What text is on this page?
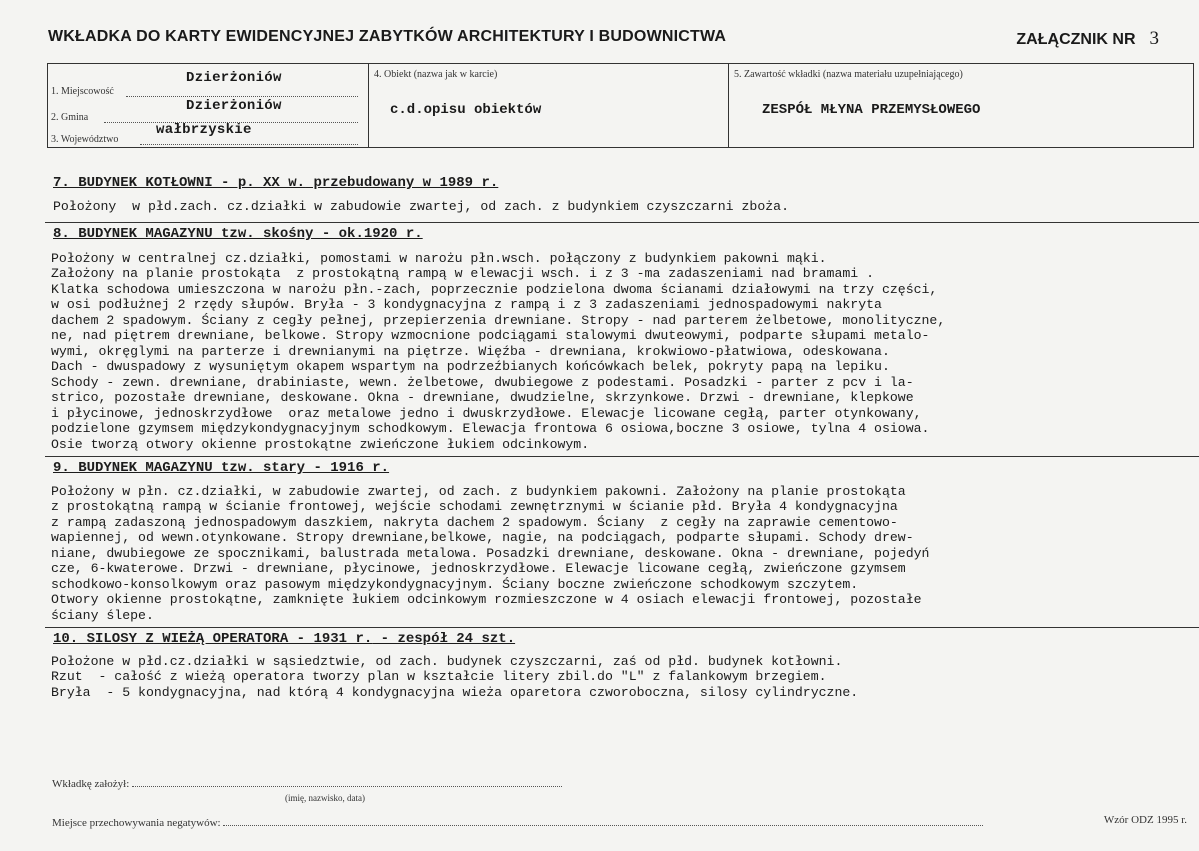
WKŁADKA DO KARTY EWIDENCYJNEJ ZABYTKÓW ARCHITEKTURY I BUDOWNICTWA	ZAŁĄCZNIK NR 3
Dzierżoniów
1. Miejscowość
Dzierżoniów
2. Gmina
wałbrzyskie
3. Województwo
4. Obiekt (nazwa jak w karcie)
c.d.opisu obiektów
5. Zawartość wkładki (nazwa materiału uzupełniającego)
ZESPÓŁ MŁYNA PRZEMYSŁOWEGO
7. BUDYNEK KOTŁOWNI - p. XX w. przebudowany w 1989 r.
Położony  w płd.zach. cz.działki w zabudowie zwartej, od zach. z budynkiem czyszczarni zboża.
8. BUDYNEK MAGAZYNU tzw. skośny - ok.1920 r.
Położony w centralnej cz.działki, pomostami w narożu płn.wsch. połączony z budynkiem pakowni mąki.
Założony na planie prostokąta  z prostokątną rampą w elewacji wsch. i z 3 -ma zadaszeniami nad bramami .
Klatka schodowa umieszczona w narożu płn.-zach, poprzecznie podzielona dwoma ścianami działowymi na trzy części,
w osi podłużnej 2 rzędy słupów. Bryła - 3 kondygnacyjna z rampą i z 3 zadaszeniami jednospadowymi nakryta
dachem 2 spadowym. Ściany z cegły pełnej, przepierzenia drewniane. Stropy - nad parterem żelbetowe, monolityczne,
ne, nad piętrem drewniane, belkowe. Stropy wzmocnione podciągami stalowymi dwuteowymi, podparte słupami metalo-
wymi, okręglymi na parterze i drewnianymi na piętrze. Więźba - drewniana, krokwiowo-płatwiowa, odeskowana.
Dach - dwuspadowy z wysuniętym okapem wspartym na podrzeźbianych końcówkach belek, pokryty papą na lepiku.
Schody - zewn. drewniane, drabiniaste, wewn. żelbetowe, dwubiegowe z podestami. Posadzki - parter z pcv i la-
strico, pozostałe drewniane, deskowane. Okna - drewniane, dwudzielne, skrzynkowe. Drzwi - drewniane, klepkowe
i płycinowe, jednoskrzydłowe  oraz metalowe jedno i dwuskrzydłowe. Elewacje licowane cegłą, parter otynkowany,
podzielone gzymsem międzykondygnacyjnym schodkowym. Elewacja frontowa 6 osiowa,boczne 3 osiowe, tylna 4 osiowa.
Osie tworzą otwory okienne prostokątne zwieńczone łukiem odcinkowym.
9. BUDYNEK MAGAZYNU tzw. stary - 1916 r.
Położony w płn. cz.działki, w zabudowie zwartej, od zach. z budynkiem pakowni. Założony na planie prostokąta
z prostokątną rampą w ścianie frontowej, wejście schodami zewnętrznymi w ścianie płd. Bryła 4 kondygnacyjna
z rampą zadaszoną jednospadowym daszkiem, nakryta dachem 2 spadowym. Ściany  z cegły na zaprawie cementowo-
wapiennej, od wewn.otynkowane. Stropy drewniane,belkowe, nagie, na podciągach, podparte słupami. Schody drew-
niane, dwubiegowe ze spocznikami, balustrada metalowa. Posadzki drewniane, deskowane. Okna - drewniane, pojedyń
cze, 6-kwaterowe. Drzwi - drewniane, płycinowe, jednoskrzydłowe. Elewacje licowane cegłą, zwieńczone gzymsem
schodkowo-konsolkowym oraz pasowym międzykondygnacyjnym. Ściany boczne zwieńczone schodkowym szczytem.
Otwory okienne prostokątne, zamknięte łukiem odcinkowym rozmieszczone w 4 osiach elewacji frontowej, pozostałe
ściany ślepe.
10. SILOSY Z WIEŻĄ OPERATORA - 1931 r. - zespół 24 szt.
Położone w płd.cz.działki w sąsiedztwie, od zach. budynek czyszczarni, zaś od płd. budynek kotłowni.
Rzut  - całość z wieżą operatora tworzy plan w kształcie litery zbil.do "L" z falankowym brzegiem.
Bryła  - 5 kondygnacyjna, nad którą 4 kondygnacyjna wieża oparetora czworoboczna, silosy cylindryczne.
Wkładkę założył:
(imię, nazwisko, data)
Miejsce przechowywania negatywów:	Wzór ODZ 1995 r.
